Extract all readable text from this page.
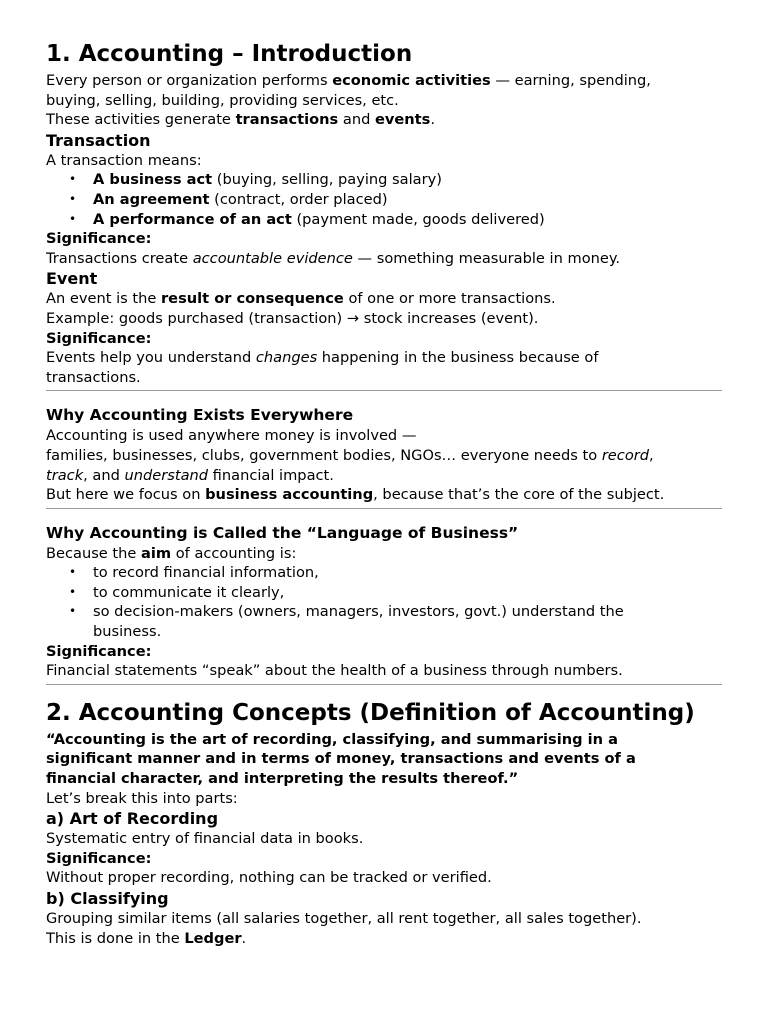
1. Accounting – Introduction

Every person or organization performs economic activities — earning, spending,

buying, selling, building, providing services, etc.

These activities generate transactions and events.

Transaction

A transaction means:

• A business act (buying, selling, paying salary)
• An agreement (contract, order placed)
• A performance of an act (payment made, goods delivered)

Significance:

Transactions create accountable evidence — something measurable in money.

Event

An event is the result or consequence of one or more transactions.

Example: goods purchased (transaction) → stock increases (event).

Significance:

Events help you understand changes happening in the business because of

transactions.

Why Accounting Exists Everywhere

Accounting is used anywhere money is involved —

families, businesses, clubs, government bodies, NGOs… everyone needs to record,

track, and understand financial impact.

But here we focus on business accounting, because that’s the core of the subject.

Why Accounting is Called the “Language of Business”

Because the aim of accounting is:

• to record financial information,
• to communicate it clearly,
• so decision-makers (owners, managers, investors, govt.) understand the business.

Significance:

Financial statements “speak” about the health of a business through numbers.

2. Accounting Concepts (Definition of Accounting)

“Accounting is the art of recording, classifying, and summarising in a significant manner and in terms of money, transactions and events of a financial character, and interpreting the results thereof.”

Let’s break this into parts:

a) Art of Recording

Systematic entry of financial data in books.

Significance:

Without proper recording, nothing can be tracked or verified.

b) Classifying

Grouping similar items (all salaries together, all rent together, all sales together).

This is done in the Ledger.
